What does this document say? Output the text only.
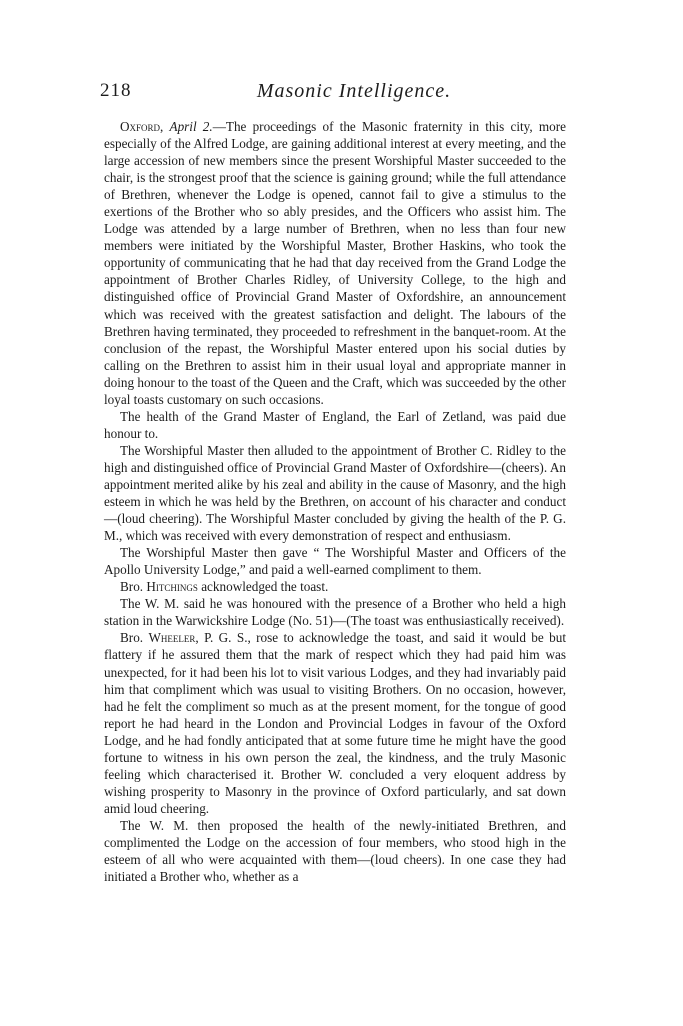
218	Masonic Intelligence.

Oxford, April 2.—The proceedings of the Masonic fraternity in this city, more especially of the Alfred Lodge, are gaining additional interest at every meeting, and the large accession of new members since the present Worshipful Master succeeded to the chair, is the strongest proof that the science is gaining ground; while the full attendance of Brethren, whenever the Lodge is opened, cannot fail to give a stimulus to the exertions of the Brother who so ably presides, and the Officers who assist him. The Lodge was attended by a large number of Brethren, when no less than four new members were initiated by the Worshipful Master, Brother Haskins, who took the opportunity of communicating that he had that day received from the Grand Lodge the appointment of Brother Charles Ridley, of University College, to the high and distinguished office of Provincial Grand Master of Oxfordshire, an announcement which was received with the greatest satisfaction and delight. The labours of the Brethren having terminated, they proceeded to refreshment in the banquet-room. At the conclusion of the repast, the Worshipful Master entered upon his social duties by calling on the Brethren to assist him in their usual loyal and appropriate manner in doing honour to the toast of the Queen and the Craft, which was succeeded by the other loyal toasts customary on such occasions.

The health of the Grand Master of England, the Earl of Zetland, was paid due honour to.

The Worshipful Master then alluded to the appointment of Brother C. Ridley to the high and distinguished office of Provincial Grand Master of Oxfordshire—(cheers). An appointment merited alike by his zeal and ability in the cause of Masonry, and the high esteem in which he was held by the Brethren, on account of his character and conduct—(loud cheering). The Worshipful Master concluded by giving the health of the P. G. M., which was received with every demonstration of respect and enthusiasm.

The Worshipful Master then gave “ The Worshipful Master and Officers of the Apollo University Lodge,” and paid a well-earned compliment to them.

Bro. Hitchings acknowledged the toast.

The W. M. said he was honoured with the presence of a Brother who held a high station in the Warwickshire Lodge (No. 51)—(The toast was enthusiastically received).

Bro. Wheeler, P. G. S., rose to acknowledge the toast, and said it would be but flattery if he assured them that the mark of respect which they had paid him was unexpected, for it had been his lot to visit various Lodges, and they had invariably paid him that compliment which was usual to visiting Brothers. On no occasion, however, had he felt the compliment so much as at the present moment, for the tongue of good report he had heard in the London and Provincial Lodges in favour of the Oxford Lodge, and he had fondly anticipated that at some future time he might have the good fortune to witness in his own person the zeal, the kindness, and the truly Masonic feeling which characterised it. Brother W. concluded a very eloquent address by wishing prosperity to Masonry in the province of Oxford particularly, and sat down amid loud cheering.

The W. M. then proposed the health of the newly-initiated Brethren, and complimented the Lodge on the accession of four members, who stood high in the esteem of all who were acquainted with them—(loud cheers). In one case they had initiated a Brother who, whether as a
